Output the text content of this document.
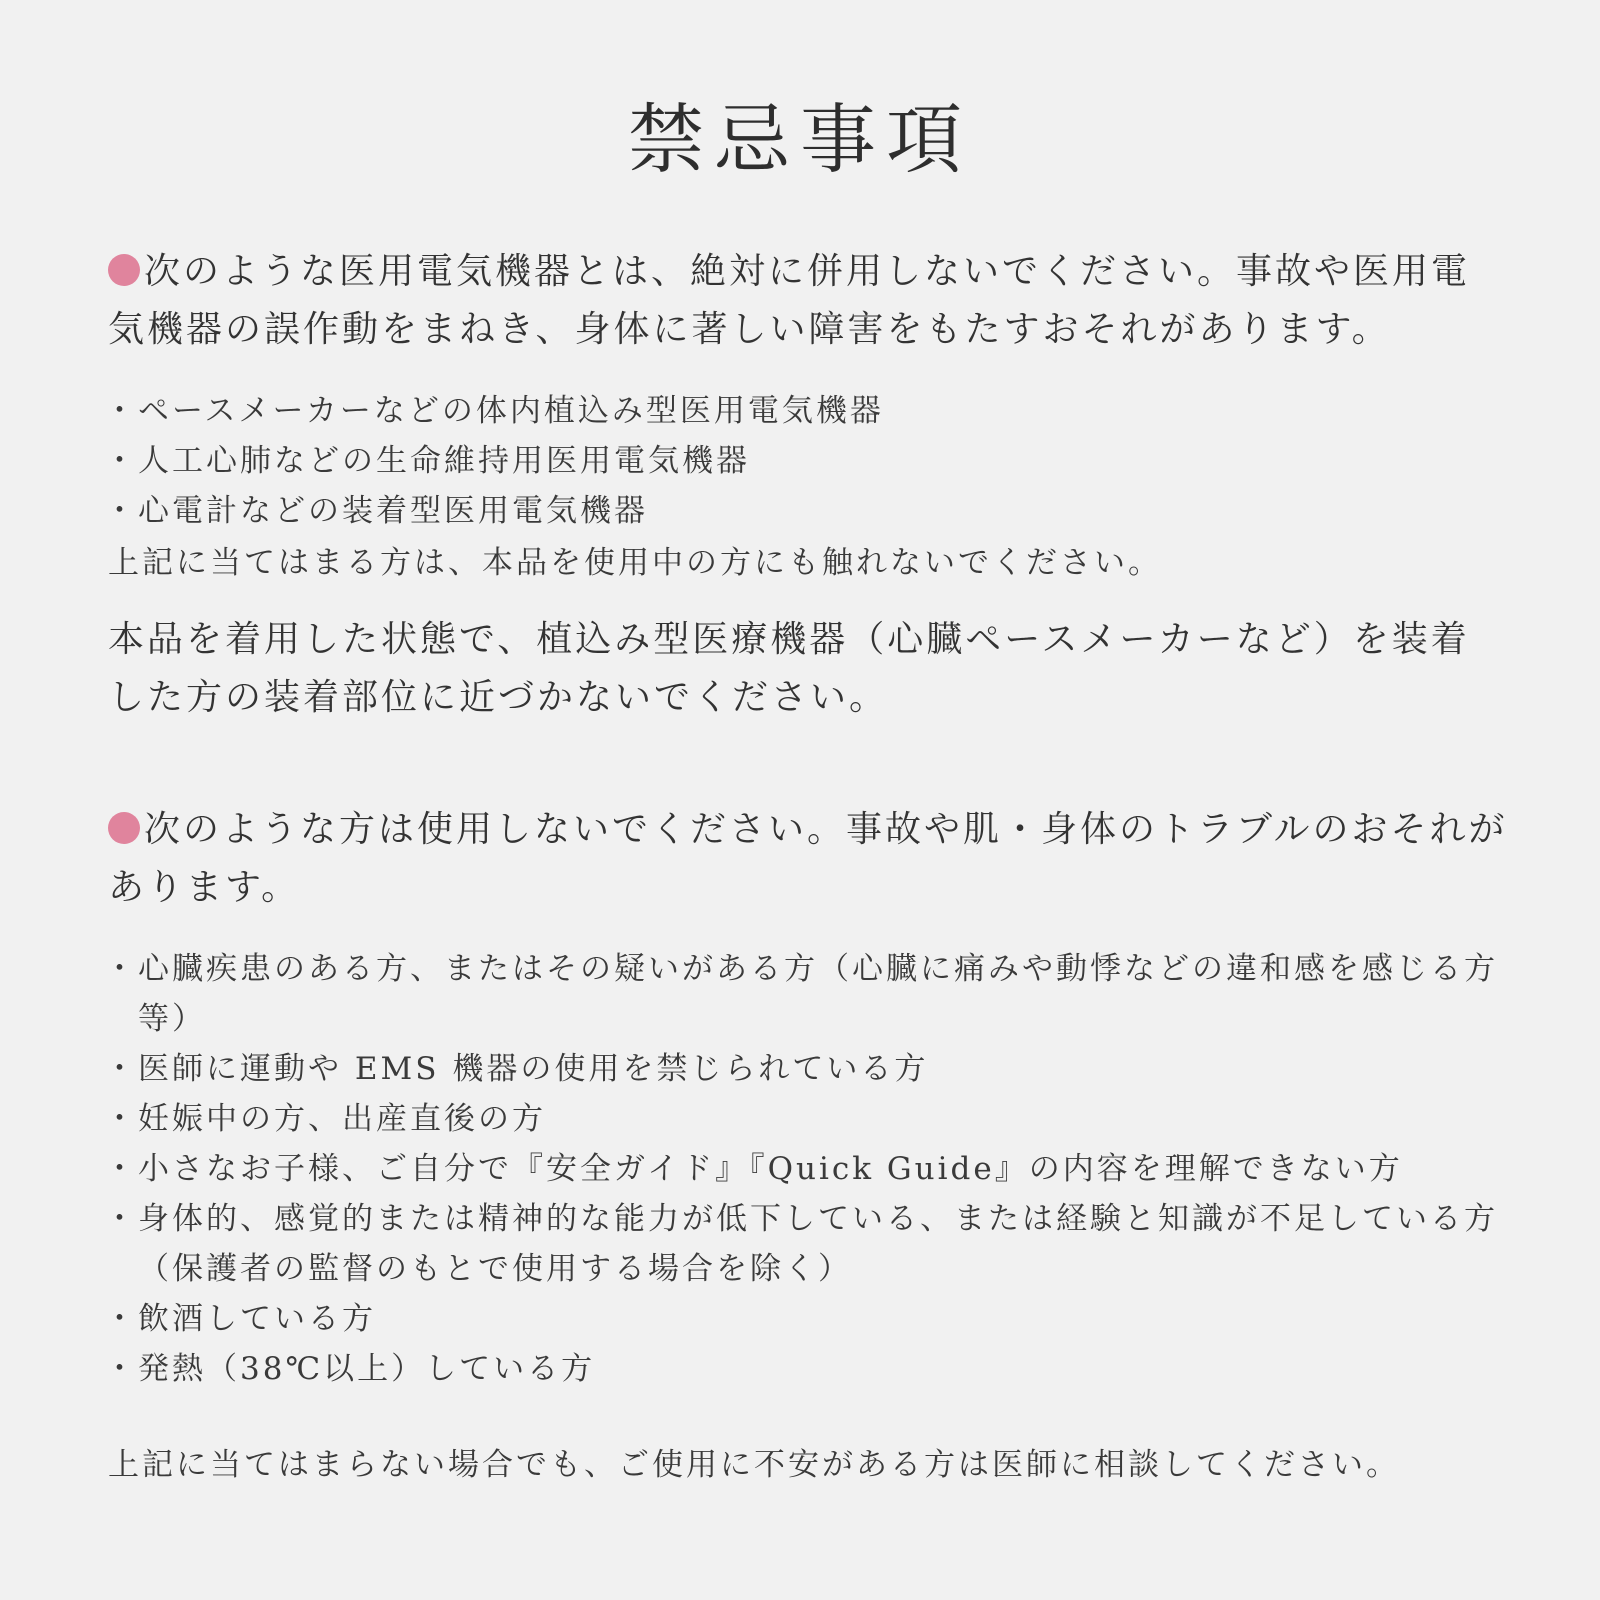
禁忌事項
次のような医用電気機器とは、絶対に併用しないでください。事故や医用電気機器の誤作動をまねき、身体に著しい障害をもたすおそれがあります。
・ ペースメーカーなどの体内植込み型医用電気機器
・ 人工心肺などの生命維持用医用電気機器
・ 心電計などの装着型医用電気機器
上記に当てはまる方は、本品を使用中の方にも触れないでください。
本品を着用した状態で、植込み型医療機器（心臓ペースメーカーなど）を装着した方の装着部位に近づかないでください。
次のような方は使用しないでください。事故や肌・身体のトラブルのおそれがあります。
・ 心臓疾患のある方、またはその疑いがある方（心臓に痛みや動悸などの違和感を感じる方等）
・ 医師に運動や EMS 機器の使用を禁じられている方
・ 妊娠中の方、出産直後の方
・ 小さなお子様、ご自分で『安全ガイド』『Quick Guide』の内容を理解できない方
・ 身体的、感覚的または精神的な能力が低下している、または経験と知識が不足している方（保護者の監督のもとで使用する場合を除く）
・ 飲酒している方
・ 発熱（38℃以上）している方
上記に当てはまらない場合でも、ご使用に不安がある方は医師に相談してください。
